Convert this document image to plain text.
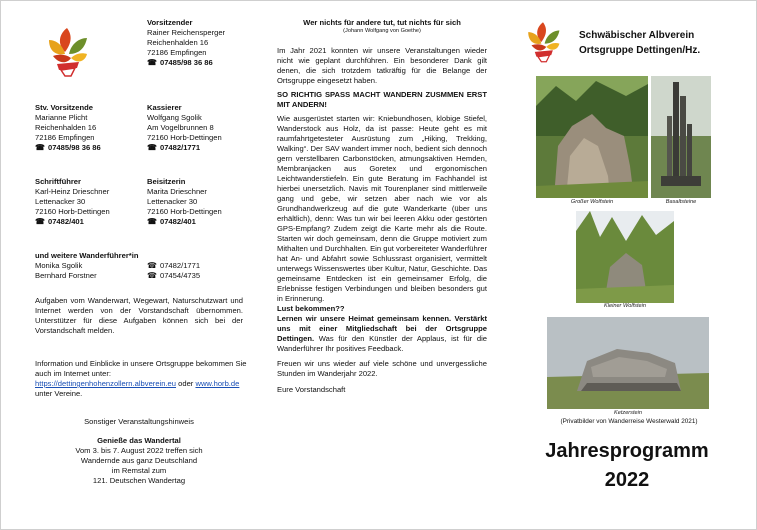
Vorsitzender
Rainer Reichensperger
Reichenhalden 16
72186 Empfingen
☎ 07485/98 36 86
Stv. Vorsitzende
Marianne Plicht
Reichenhalden 16
72186 Empfingen
☎ 07485/98 36 86
Kassierer
Wolfgang Sgolik
Am Vogelbrunnen 8
72160 Horb-Dettingen
☎ 07482/1771
Schriftführer
Karl-Heinz Drieschner
Lettenacker 30
72160 Horb-Dettingen
☎ 07482/401
Beisitzerin
Marita Drieschner
Lettenacker 30
72160 Horb-Dettingen
☎ 07482/401
und weitere Wanderführer*in
Monika Sgolik	☎ 07482/1771
Bernhard Forstner	☎ 07454/4735

Aufgaben vom Wanderwart, Wegewart, Naturschutzwart und Internet werden von der Vorstandschaft übernommen. Unterstützer für diese Aufgaben können sich bei der Vorstandschaft melden.

Information und Einblicke in unsere Ortsgruppe bekommen Sie auch im Internet unter: https://dettingenhohenzollern.albverein.eu oder www.horb.de unter Vereine.

Sonstiger Veranstaltungshinweis
Genieße das Wandertal
Vom 3. bis 7. August 2022 treffen sich
Wandernde aus ganz Deutschland
im Remstal zum
121. Deutschen Wandertag
Wer nichts für andere tut, tut nichts für sich
(Johann Wolfgang von Goethe)

Im Jahr 2021 konnten wir unsere Veranstaltungen wieder nicht wie geplant durchführen. Ein besonderer Dank gilt denen, die sich trotzdem tatkräftig für die Belange der Ortsgruppe eingesetzt haben.

SO RICHTIG SPASS MACHT WANDERN ZUSMMEN ERST MIT ANDERN!

Wie ausgerüstet starten wir: Kniebundhosen, klobige Stiefel, Wanderstock aus Holz, da ist passe: Heute geht es mit raumfahrtgetesteter Ausrüstung zum „Hiking, Trekking, Walking“. Der SAV wandert immer noch, bedient sich dennoch gern verstellbaren Carbonstöcken, atmungsaktiven Hemden, Membranjacken aus Goretex und ergonomischen Leichtwanderstiefeln. Ein gute Beratung im Fachhandel ist hierbei unersetzlich. Navis mit Tourenplaner sind mittlerweile gang und gebe, wir setzen aber nach wie vor als Grundhandwerkzeug auf die gute Wanderkarte (über uns erhältlich), denn: Was tun wir bei leeren Akku oder gestörten GPS-Empfang? Zudem zeigt die Karte mehr als die Route. Starten wir doch gemeinsam, denn die Gruppe motiviert zum Mithalten und Durchhalten. Ein gut vorbereiteter Wanderführer hat An- und Abfahrt sowie Schlussrast organisiert, vermittelt unterwegs Wissenswertes über Kultur, Natur, Geschichte. Das gemeinsame Entdecken ist ein gemeinsamer Erfolg, die Erlebnisse festigen Verbindungen und bleiben besonders gut in Erinnerung.

Lust bekommen??

Lernen wir unsere Heimat gemeinsam kennen. Verstärkt uns mit einer Mitgliedschaft bei der Ortsgruppe Dettingen. Was für den Künstler der Applaus, ist für die Wanderführer Ihr positives Feedback.

Freuen wir uns wieder auf viele schöne und unvergessliche Stunden im Wanderjahr 2022.

Eure Vorstandschaft

Schwäbischer Albverein
Ortsgruppe Dettingen/Hz.
Großer Wolfstein	Basaltsteine
Kleiner Wolfstein
Ketzerstein
(Privatbilder von Wanderreise Westerwald 2021)
Jahresprogramm
2022
